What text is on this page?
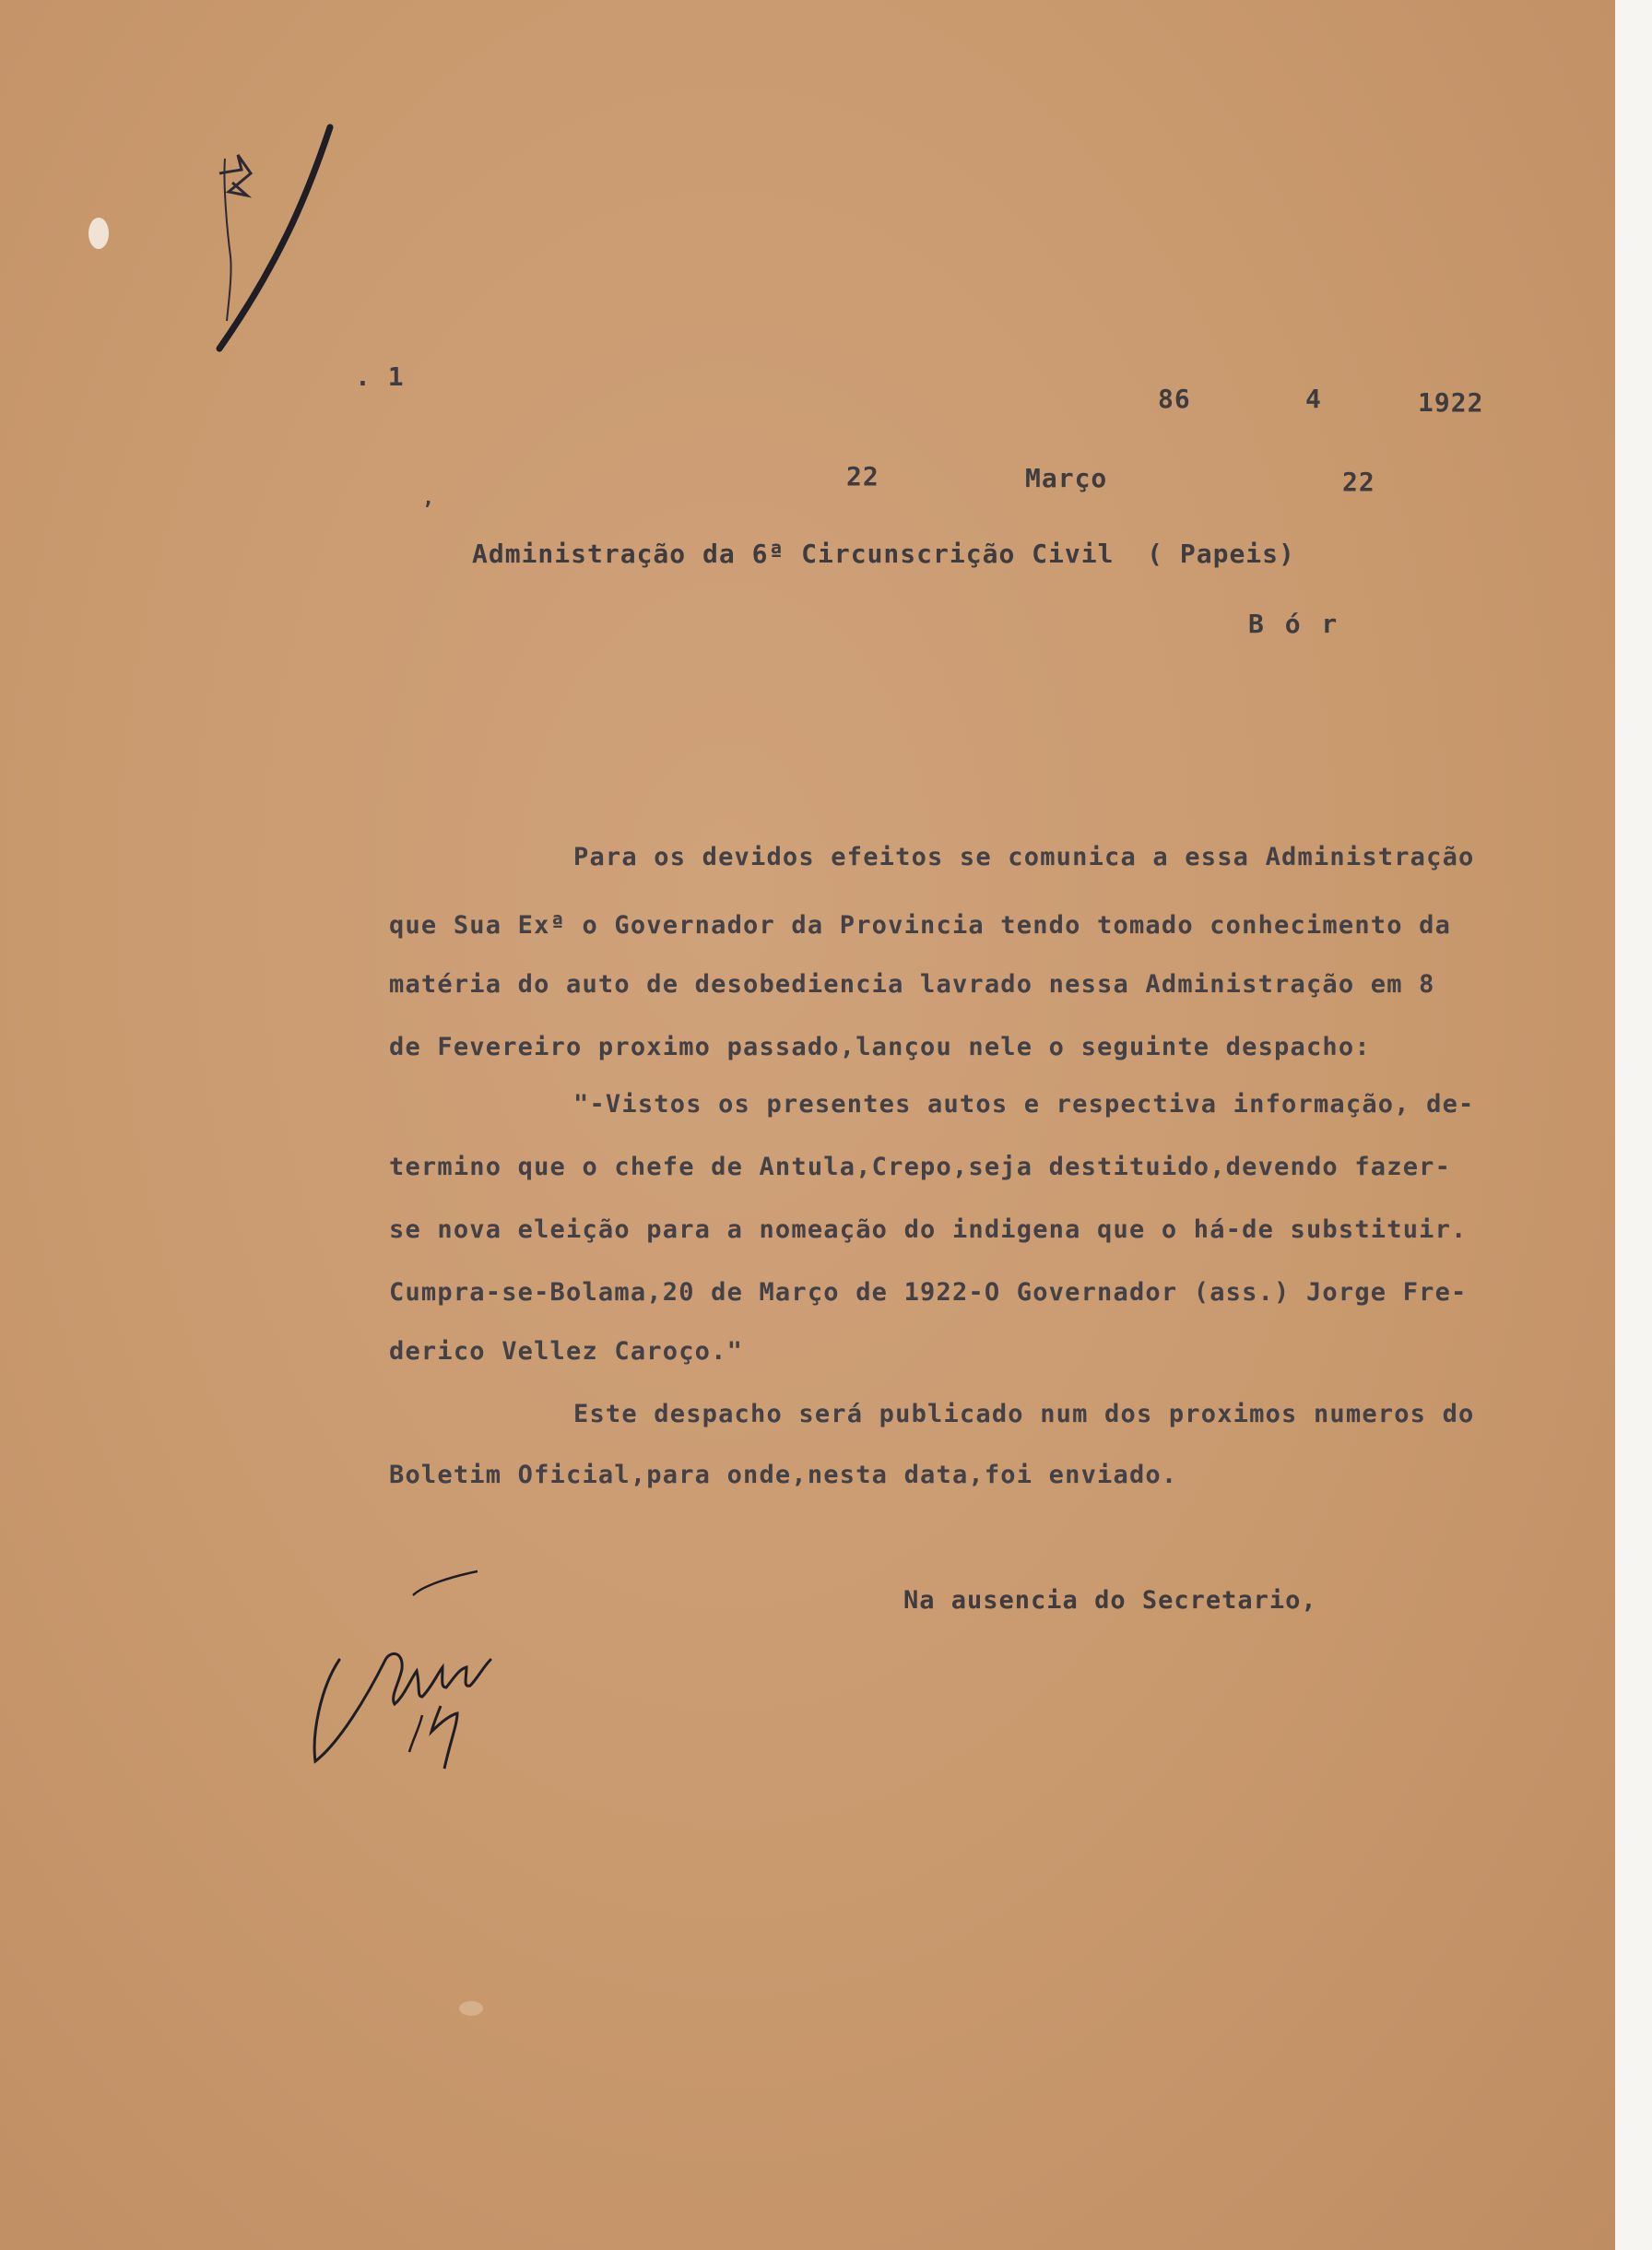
. 1
86	4	1922
22	Março	22
,
Administração da 6ª Circunscrição Civil  ( Papeis)
B ó r
Para os devidos efeitos se comunica a essa Administração
que Sua Exª o Governador da Provincia tendo tomado conhecimento da
matéria do auto de desobediencia lavrado nessa Administração em 8
de Fevereiro proximo passado,lançou nele o seguinte despacho:
"-Vistos os presentes autos e respectiva informação, de-
termino que o chefe de Antula,Crepo,seja destituido,devendo fazer-
se nova eleição para a nomeação do indigena que o há-de substituir.
Cumpra-se-Bolama,20 de Março de 1922-O Governador (ass.) Jorge Fre-
derico Vellez Caroço."
Este despacho será publicado num dos proximos numeros do
Boletim Oficial,para onde,nesta data,foi enviado.
Na ausencia do Secretario,
